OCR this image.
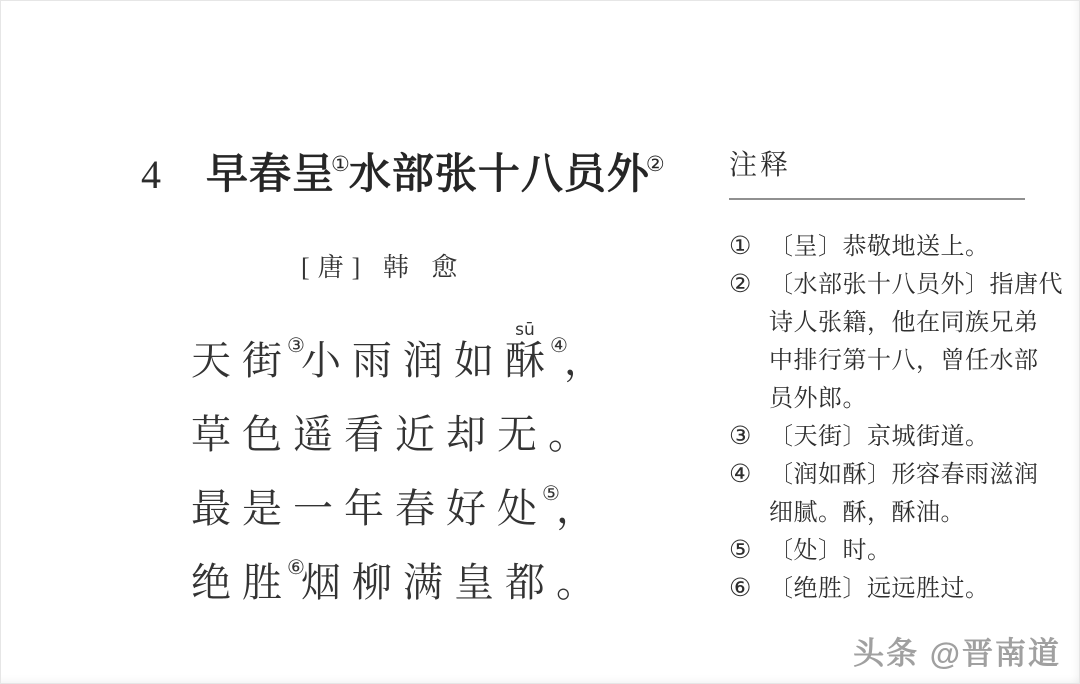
4 早春呈①水部张十八员外②
[唐] 韩 愈
天 街 ③
小 雨 润 如 酥
sū
④
，
草 色 遥 看 近 却 无 。
最 是 一 年 春 好 处 ⑤
，
绝 胜 ⑥
烟 柳 满 皇 都 。
注释
① 〔呈〕恭敬地送上。
② 〔水部张十八员外〕指唐代
诗人张籍，他在同族兄弟
中排行第十八，曾任水部
员外郎。
③ 〔天街〕京城街道。
④ 〔润如酥〕形容春雨滋润
细腻。酥，酥油。
⑤ 〔处〕时。
⑥ 〔绝胜〕远远胜过。
头条 @晋南道
